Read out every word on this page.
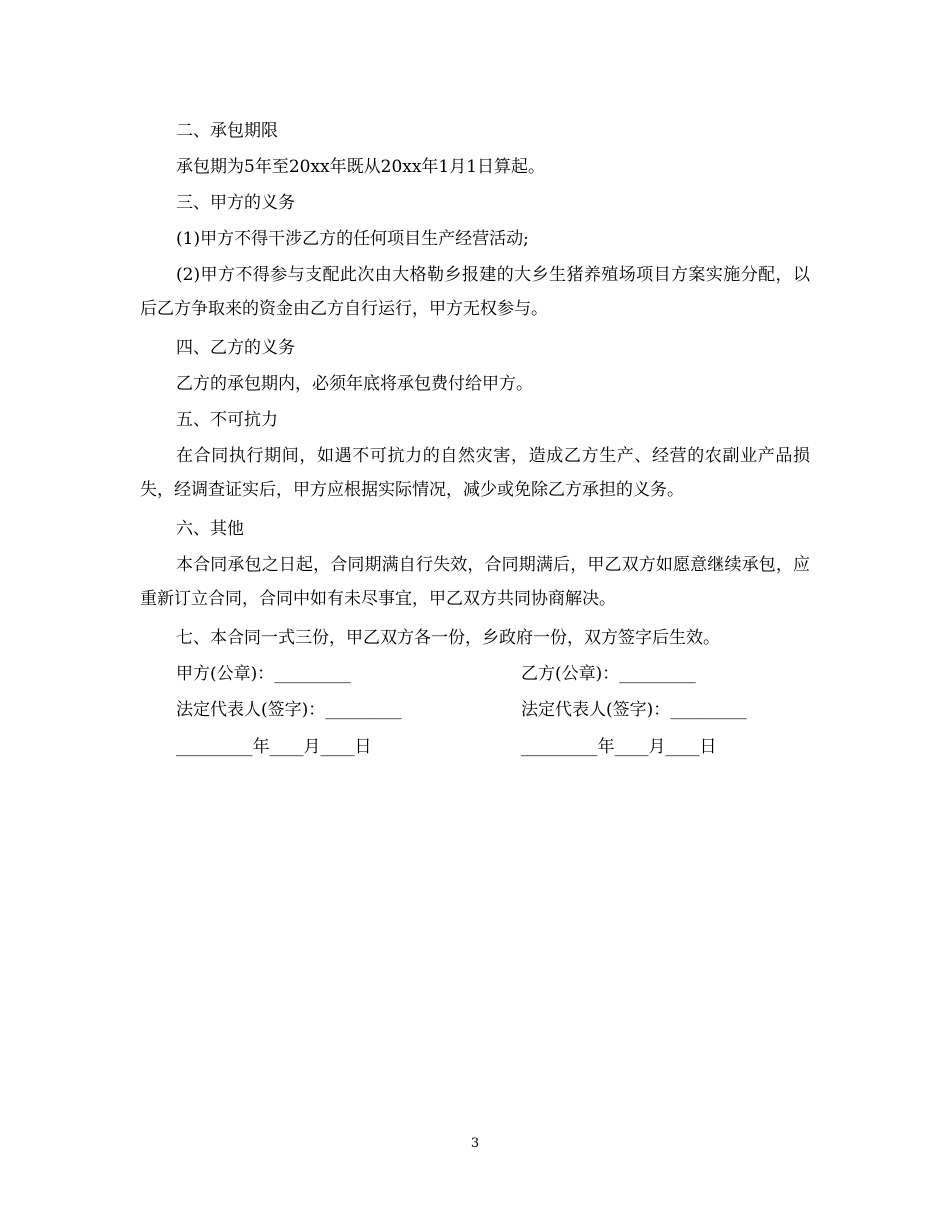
二、承包期限

承包期为5年至20xx年既从20xx年1月1日算起。

三、甲方的义务

(1)甲方不得干涉乙方的任何项目生产经营活动;

(2)甲方不得参与支配此次由大格勒乡报建的大乡生猪养殖场项目方案实施分配，以后乙方争取来的资金由乙方自行运行，甲方无权参与。

四、乙方的义务

乙方的承包期内，必须年底将承包费付给甲方。

五、不可抗力

在合同执行期间，如遇不可抗力的自然灾害，造成乙方生产、经营的农副业产品损失，经调查证实后，甲方应根据实际情况，减少或免除乙方承担的义务。

六、其他

本合同承包之日起，合同期满自行失效，合同期满后，甲乙双方如愿意继续承包，应重新订立合同，合同中如有未尽事宜，甲乙双方共同协商解决。

七、本合同一式三份，甲乙双方各一份，乡政府一份，双方签字后生效。

甲方(公章)：_________	乙方(公章)：_________
法定代表人(签字)：_________	法定代表人(签字)：_________
_________年____月____日	_________年____月____日
3
